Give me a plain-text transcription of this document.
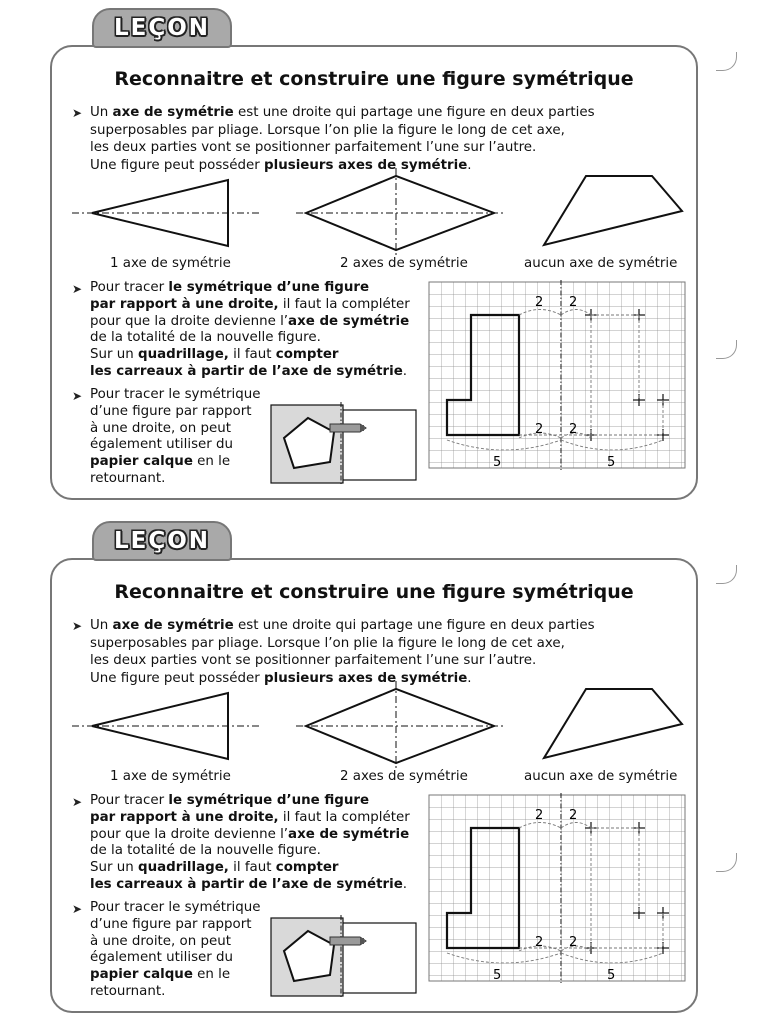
LEÇON
Reconnaitre et construire une figure symétrique
➤ Un axe de symétrie est une droite qui partage une figure en deux parties
superposables par pliage. Lorsque l’on plie la figure le long de cet axe,
les deux parties vont se positionner parfaitement l’une sur l’autre.
Une figure peut posséder plusieurs axes de symétrie.
1 axe de symétrie	2 axes de symétrie	aucun axe de symétrie
➤ Pour tracer le symétrique d’une figure
par rapport à une droite, il faut la compléter
pour que la droite devienne l’axe de symétrie
de la totalité de la nouvelle figure.
Sur un quadrillage, il faut compter
les carreaux à partir de l’axe de symétrie.
➤ Pour tracer le symétrique
d’une figure par rapport
à une droite, on peut
également utiliser du
papier calque en le
retournant.
2 2
2 2
5	5
LEÇON
Reconnaitre et construire une figure symétrique
➤ Un axe de symétrie est une droite qui partage une figure en deux parties
superposables par pliage. Lorsque l’on plie la figure le long de cet axe,
les deux parties vont se positionner parfaitement l’une sur l’autre.
Une figure peut posséder plusieurs axes de symétrie.
1 axe de symétrie	2 axes de symétrie	aucun axe de symétrie
➤ Pour tracer le symétrique d’une figure
par rapport à une droite, il faut la compléter
pour que la droite devienne l’axe de symétrie
de la totalité de la nouvelle figure.
Sur un quadrillage, il faut compter
les carreaux à partir de l’axe de symétrie.
➤ Pour tracer le symétrique
d’une figure par rapport
à une droite, on peut
également utiliser du
papier calque en le
retournant.
2 2
2 2
5	5
